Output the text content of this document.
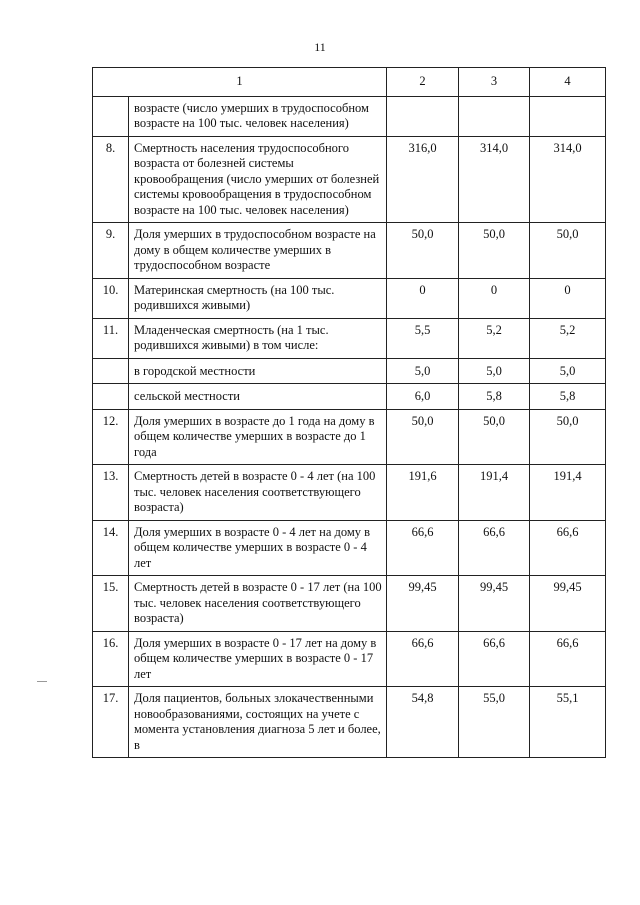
11
1		2	3	4
	возрасте (число умерших в трудоспособном возрасте на 100 тыс. человек населения)			
8.	Смертность населения трудоспособного возраста от болезней системы кровообращения (число умерших от болезней системы кровообращения в трудоспособном возрасте на 100 тыс. человек населения)	316,0	314,0	314,0
9.	Доля умерших в трудоспособном возрасте на дому в общем количестве умерших в трудоспособном возрасте	50,0	50,0	50,0
10.	Материнская смертность (на 100 тыс. родившихся живыми)	0	0	0
11.	Младенческая смертность (на 1 тыс. родившихся живыми) в том числе:	5,5	5,2	5,2
	в городской местности	5,0	5,0	5,0
	сельской местности	6,0	5,8	5,8
12.	Доля умерших в возрасте до 1 года на дому в общем количестве умерших в возрасте до 1 года	50,0	50,0	50,0
13.	Смертность детей в возрасте 0 - 4 лет (на 100 тыс. человек населения соответствующего возраста)	191,6	191,4	191,4
14.	Доля умерших в возрасте 0 - 4 лет на дому в общем количестве умерших в возрасте 0 - 4 лет	66,6	66,6	66,6
15.	Смертность детей в возрасте 0 - 17 лет (на 100 тыс. человек населения соответствующего возраста)	99,45	99,45	99,45
16.	Доля умерших в возрасте 0 - 17 лет на дому в общем количестве умерших в возрасте 0 - 17 лет	66,6	66,6	66,6
17.	Доля пациентов, больных злокачественными новообразованиями, состоящих на учете с момента установления диагноза 5 лет и более, в	54,8	55,0	55,1
